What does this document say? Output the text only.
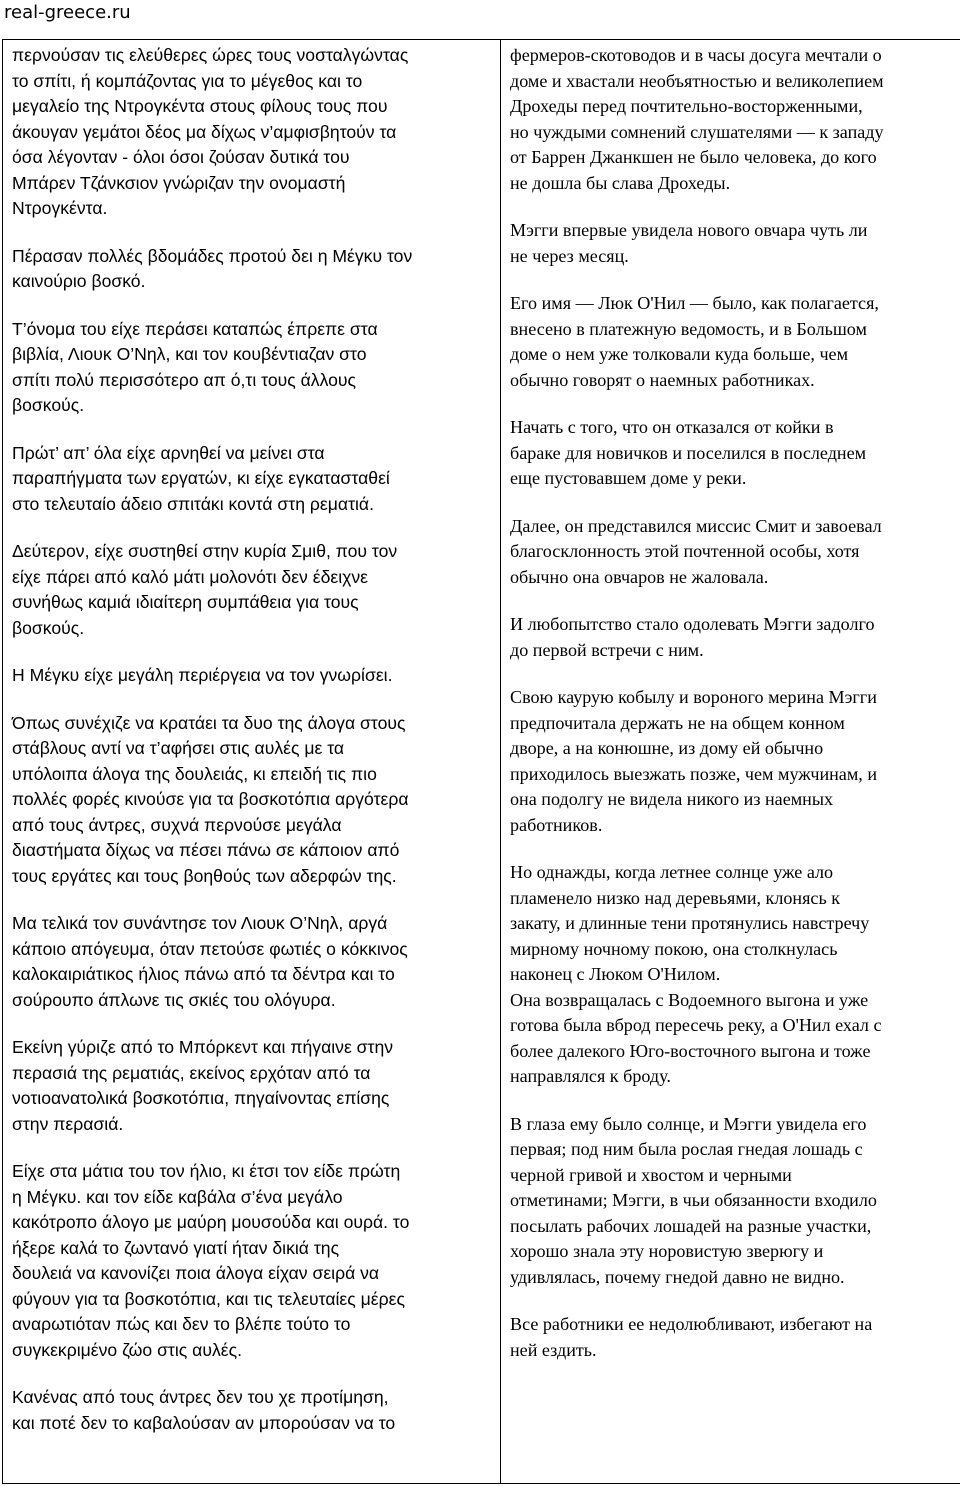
real-greece.ru

περνούσαν τις ελεύθερες ώρες τους νοσταλγώντας
το σπίτι, ή κομπάζοντας για το μέγεθος και το
μεγαλείο της Ντρογκέντα στους φίλους τους που
άκουγαν γεμάτοι δέος μα δίχως ν’αμφισβητούν τα
όσα λέγονταν - όλοι όσοι ζούσαν δυτικά του
Μπάρεν Τζάνκσιον γνώριζαν την ονομαστή
Ντρογκέντα.

Πέρασαν πολλές βδομάδες προτού δει η Μέγκυ τον
καινούριο βοσκό.

Τ’όνομα του είχε περάσει καταπώς έπρεπε στα
βιβλία, Λιουκ Ο’Νηλ, και τον κουβέντιαζαν στο
σπίτι πολύ περισσότερο απ ό,τι τους άλλους
βοσκούς.

Πρώτ’ απ’ όλα είχε αρνηθεί να μείνει στα
παραπήγματα των εργατών, κι είχε εγκατασταθεί
στο τελευταίο άδειο σπιτάκι κοντά στη ρεματιά.

Δεύτερον, είχε συστηθεί στην κυρία Σμιθ, που τον
είχε πάρει από καλό μάτι μολονότι δεν έδειχνε
συνήθως καμιά ιδιαίτερη συμπάθεια για τους
βοσκούς.

Η Μέγκυ είχε μεγάλη περιέργεια να τον γνωρίσει.

Όπως συνέχιζε να κρατάει τα δυο της άλογα στους
στάβλους αντί να τ’αφήσει στις αυλές με τα
υπόλοιπα άλογα της δουλειάς, κι επειδή τις πιο
πολλές φορές κινούσε για τα βοσκοτόπια αργότερα
από τους άντρες, συχνά περνούσε μεγάλα
διαστήματα δίχως να πέσει πάνω σε κάποιον από
τους εργάτες και τους βοηθούς των αδερφών της.

Μα τελικά τον συνάντησε τον Λιουκ Ο’Νηλ, αργά
κάποιο απόγευμα, όταν πετούσε φωτιές ο κόκκινος
καλοκαιριάτικος ήλιος πάνω από τα δέντρα και το
σούρουπο άπλωνε τις σκιές του ολόγυρα.

Εκείνη γύριζε από το Μπόρκεντ και πήγαινε στην
περασιά της ρεματιάς, εκείνος ερχόταν από τα
νοτιοανατολικά βοσκοτόπια, πηγαίνοντας επίσης
στην περασιά.

Είχε στα μάτια του τον ήλιο, κι έτσι τον είδε πρώτη
η Μέγκυ. και τον είδε καβάλα σ’ένα μεγάλο
κακότροπο άλογο με μαύρη μουσούδα και ουρά. το
ήξερε καλά το ζωντανό γιατί ήταν δικιά της
δουλειά να κανονίζει ποια άλογα είχαν σειρά να
φύγουν για τα βοσκοτόπια, και τις τελευταίες μέρες
αναρωτιόταν πώς και δεν το βλέπε τούτο το
συγκεκριμένο ζώο στις αυλές.

Κανένας από τους άντρες δεν του χε προτίμηση,
και ποτέ δεν το καβαλούσαν αν μπορούσαν να το

фермеров-скотоводов и в часы досуга мечтали о
доме и хвастали необъятностью и великолепием
Дрохеды перед почтительно-восторженными,
но чуждыми сомнений слушателями — к западу
от Баррен Джанкшен не было человека, до кого
не дошла бы слава Дрохеды.

Мэгги впервые увидела нового овчара чуть ли
не через месяц.

Его имя — Люк О'Нил — было, как полагается,
внесено в платежную ведомость, и в Большом
доме о нем уже толковали куда больше, чем
обычно говорят о наемных работниках.

Начать с того, что он отказался от койки в
бараке для новичков и поселился в последнем
еще пустовавшем доме у реки.

Далее, он представился миссис Смит и завоевал
благосклонность этой почтенной особы, хотя
обычно она овчаров не жаловала.

И любопытство стало одолевать Мэгги задолго
до первой встречи с ним.

Свою каурую кобылу и вороного мерина Мэгги
предпочитала держать не на общем конном
дворе, а на конюшне, из дому ей обычно
приходилось выезжать позже, чем мужчинам, и
она подолгу не видела никого из наемных
работников.

Но однажды, когда летнее солнце уже ало
пламенело низко над деревьями, клонясь к
закату, и длинные тени протянулись навстречу
мирному ночному покою, она столкнулась
наконец с Люком О'Нилом.
Она возвращалась с Водоемного выгона и уже
готова была вброд пересечь реку, а О'Нил ехал с
более далекого Юго-восточного выгона и тоже
направлялся к броду.

В глаза ему было солнце, и Мэгги увидела его
первая; под ним была рослая гнедая лошадь с
черной гривой и хвостом и черными
отметинами; Мэгги, в чьи обязанности входило
посылать рабочих лошадей на разные участки,
хорошо знала эту норовистую зверюгу и
удивлялась, почему гнедой давно не видно.

Все работники ее недолюбливают, избегают на
ней ездить.
